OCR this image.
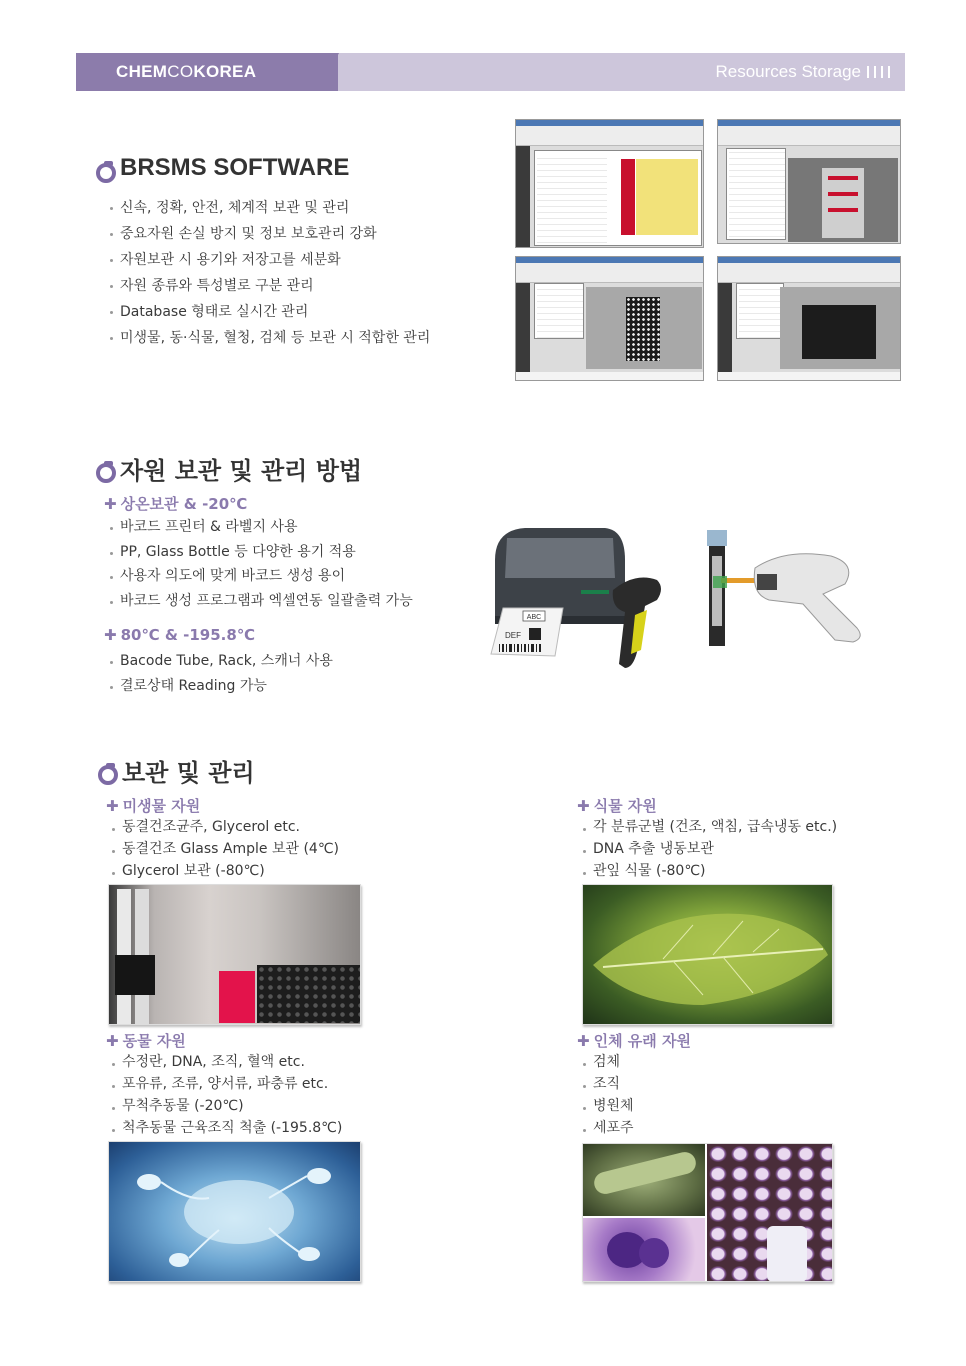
CHEMCOKOREA	Resources Storage
BRSMS SOFTWARE
신속, 정확, 안전, 체계적 보관 및 관리
중요자원 손실 방지 및 정보 보호관리 강화
자원보관 시 용기와 저장고를 세분화
자원 종류와 특성별로 구분 관리
Database 형태로 실시간 관리
미생물, 동·식물, 혈청, 검체 등 보관 시 적합한 관리
자원 보관 및 관리 방법
✚ 상온보관 & -20℃
바코드 프린터 & 라벨지 사용
PP, Glass Bottle 등 다양한 용기 적용
사용자 의도에 맞게 바코드 생성 용이
바코드 생성 프로그램과 엑셀연동 일괄출력 가능
✚ 80℃ & -195.8℃
Bacode Tube, Rack, 스캐너 사용
결로상태 Reading 가능
ABC
DEF
보관 및 관리
✚ 미생물 자원
동결건조균주, Glycerol etc.
동결건조 Glass Ample 보관 (4℃)
Glycerol 보관 (-80℃)
✚ 식물 자원
각 분류군별 (건조, 액침, 급속냉동 etc.)
DNA 추출 냉동보관
관잎 식물 (-80℃)
✚ 동물 자원
수정란, DNA, 조직, 혈액 etc.
포유류, 조류, 양서류, 파충류 etc.
무척추동물 (-20℃)
척추동물 근육조직 척출 (-195.8℃)
✚ 인체 유래 자원
검체
조직
병원체
세포주
